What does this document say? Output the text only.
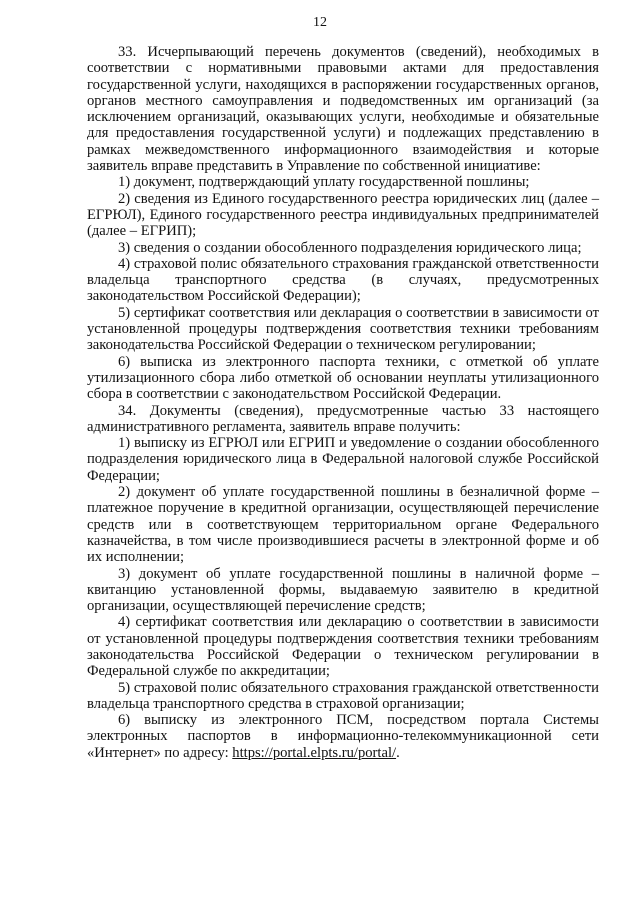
12

33. Исчерпывающий перечень документов (сведений), необходимых в соответствии с нормативными правовыми актами для предоставления государственной услуги, находящихся в распоряжении государственных органов, органов местного самоуправления и подведомственных им организаций (за исключением организаций, оказывающих услуги, необходимые и обязательные для предоставления государственной услуги) и подлежащих представлению в рамках межведомственного информационного взаимодействия и которые заявитель вправе представить в Управление по собственной инициативе:

1) документ, подтверждающий уплату государственной пошлины;

2) сведения из Единого государственного реестра юридических лиц (далее – ЕГРЮЛ), Единого государственного реестра индивидуальных предпринимателей (далее – ЕГРИП);

3) сведения о создании обособленного подразделения юридического лица;

4) страховой полис обязательного страхования гражданской ответственности владельца транспортного средства (в случаях, предусмотренных законодательством Российской Федерации);

5) сертификат соответствия или декларация о соответствии в зависимости от установленной процедуры подтверждения соответствия техники требованиям законодательства Российской Федерации о техническом регулировании;

6) выписка из электронного паспорта техники, с отметкой об уплате утилизационного сбора либо отметкой об основании неуплаты утилизационного сбора в соответствии с законодательством Российской Федерации.

34. Документы (сведения), предусмотренные частью 33 настоящего административного регламента, заявитель вправе получить:

1) выписку из ЕГРЮЛ или ЕГРИП и уведомление о создании обособленного подразделения юридического лица в Федеральной налоговой службе Российской Федерации;

2) документ об уплате государственной пошлины в безналичной форме – платежное поручение в кредитной организации, осуществляющей перечисление средств или в соответствующем территориальном органе Федерального казначейства, в том числе производившиеся расчеты в электронной форме и об их исполнении;

3) документ об уплате государственной пошлины в наличной форме – квитанцию установленной формы, выдаваемую заявителю в кредитной организации, осуществляющей перечисление средств;

4) сертификат соответствия или декларацию о соответствии в зависимости от установленной процедуры подтверждения соответствия техники требованиям законодательства Российской Федерации о техническом регулировании в Федеральной службе по аккредитации;

5) страховой полис обязательного страхования гражданской ответственности владельца транспортного средства в страховой организации;

6) выписку из электронного ПСМ, посредством портала Системы электронных паспортов в информационно-телекоммуникационной сети «Интернет» по адресу: https://portal.elpts.ru/portal/.
